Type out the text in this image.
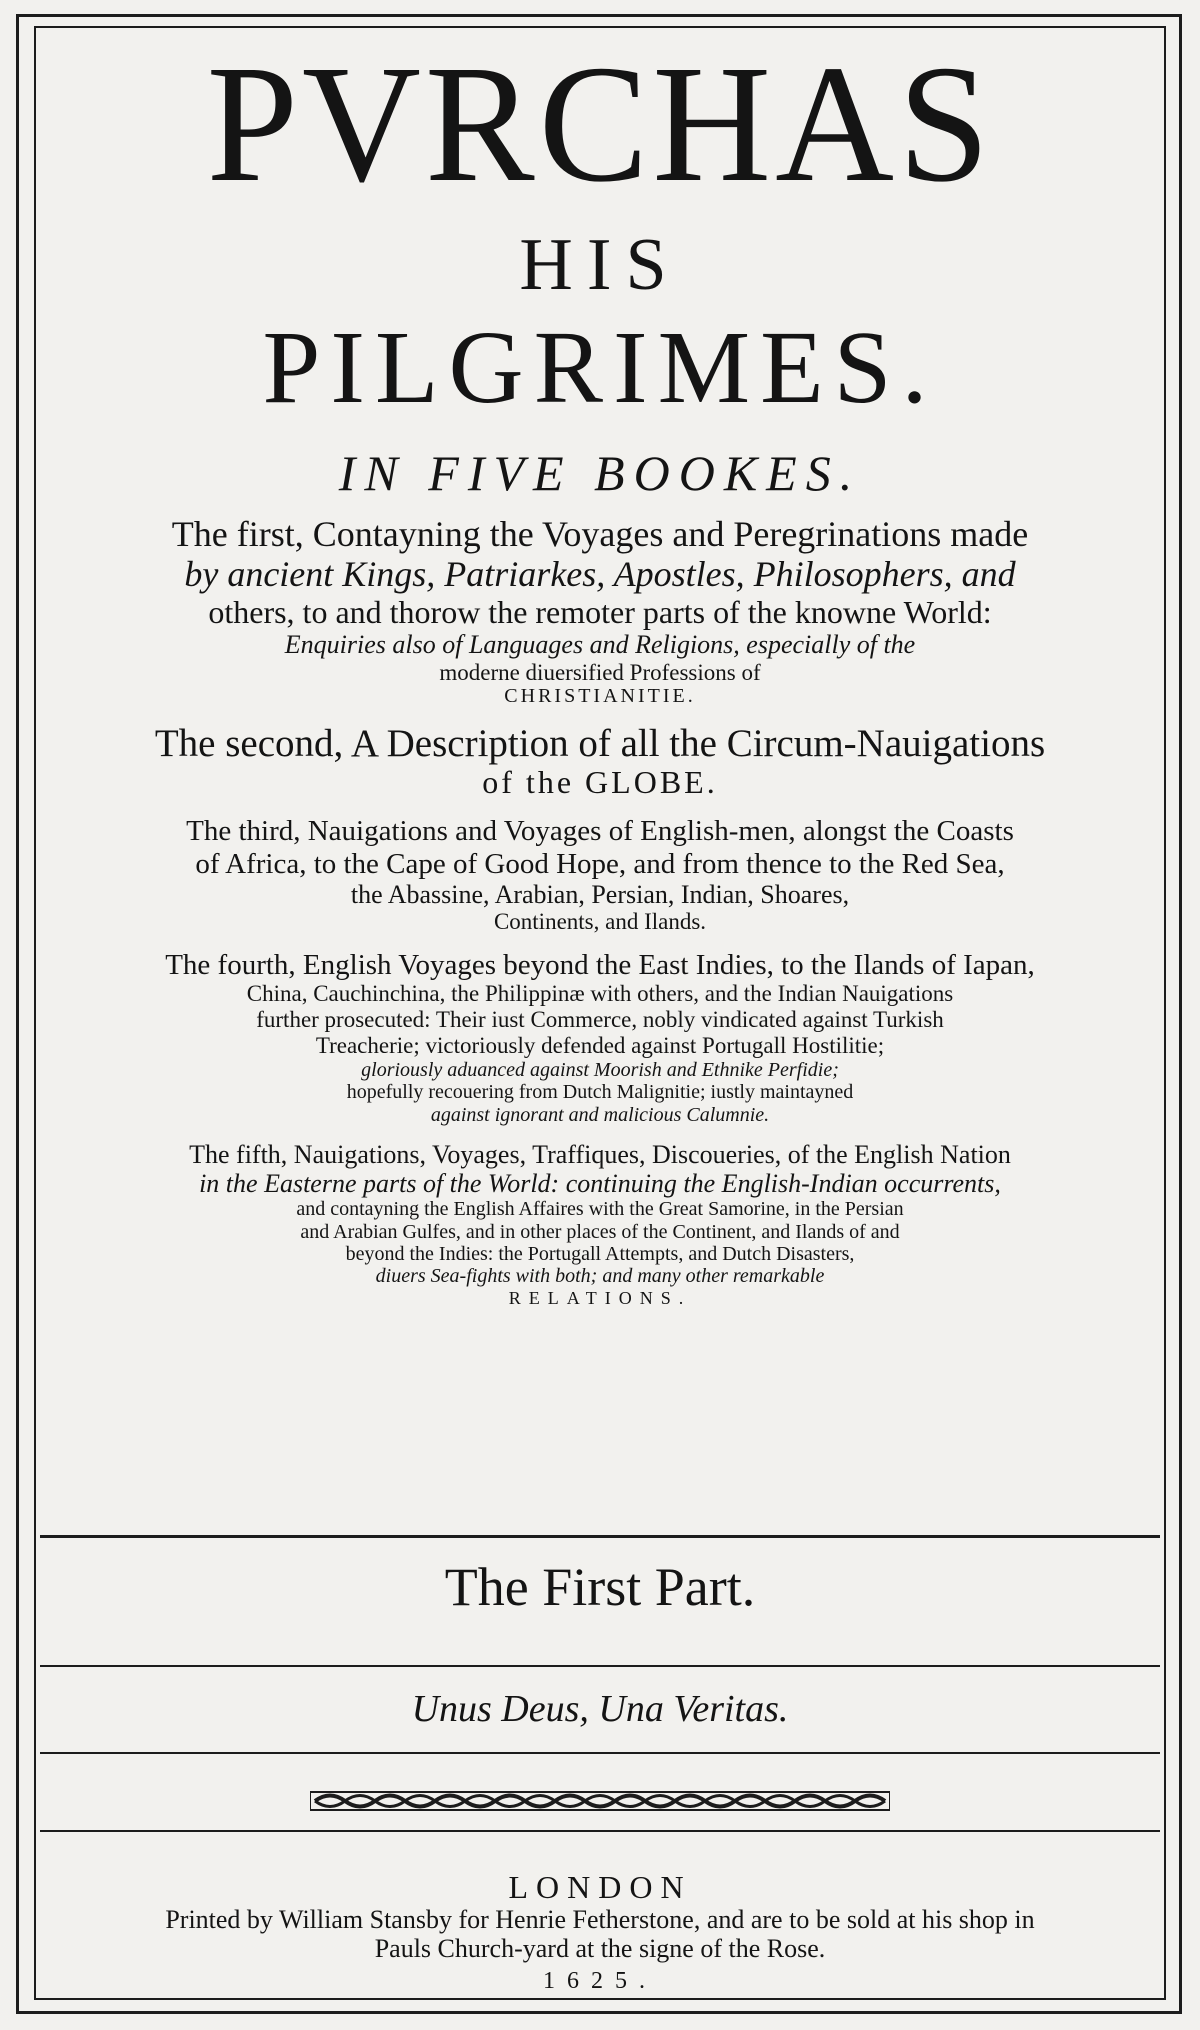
PVRCHAS
HIS
PILGRIMES.
IN FIVE BOOKES.
The first, Contayning the Voyages and Peregrinations made
by ancient Kings, Patriarkes, Apostles, Philosophers, and
others, to and thorow the remoter parts of the knowne World:
Enquiries also of Languages and Religions, especially of the
moderne diuersified Professions of
CHRISTIANITIE.
The second, A Description of all the Circum-Nauigations
of the GLOBE.
The third, Nauigations and Voyages of English-men, alongst the Coasts
of Africa, to the Cape of Good Hope, and from thence to the Red Sea,
the Abassine, Arabian, Persian, Indian, Shoares,
Continents, and Ilands.
The fourth, English Voyages beyond the East Indies, to the Ilands of Iapan,
China, Cauchinchina, the Philippinæ with others, and the Indian Nauigations
further prosecuted: Their iust Commerce, nobly vindicated against Turkish
Treacherie; victoriously defended against Portugall Hostilitie;
gloriously aduanced against Moorish and Ethnike Perfidie;
hopefully recouering from Dutch Malignitie; iustly maintayned
against ignorant and malicious Calumnie.
The fifth, Nauigations, Voyages, Traffiques, Discoueries, of the English Nation
in the Easterne parts of the World: continuing the English-Indian occurrents,
and contayning the English Affaires with the Great Samorine, in the Persian
and Arabian Gulfes, and in other places of the Continent, and Ilands of and
beyond the Indies: the Portugall Attempts, and Dutch Disasters,
diuers Sea-fights with both; and many other remarkable
RELATIONS.
The First Part.
Unus Deus, Una Veritas.
LONDON
Printed by William Stansby for Henrie Fetherstone, and are to be sold at his shop in
Pauls Church-yard at the signe of the Rose.
1625.
